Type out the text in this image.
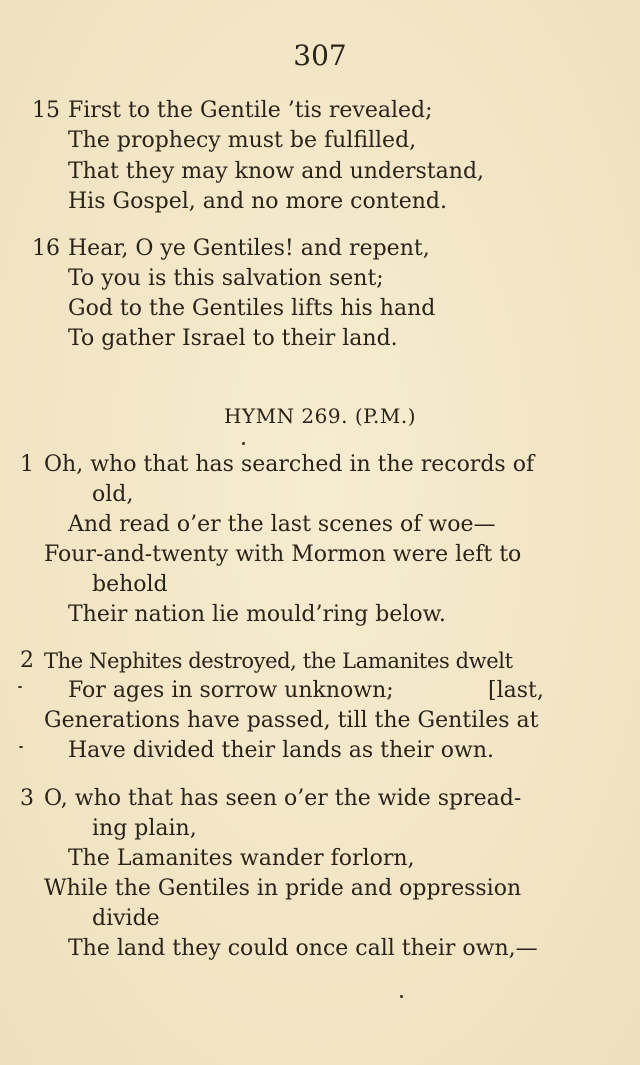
307
15 First to the Gentile ’tis revealed;
The prophecy must be fulfilled,
That they may know and understand,
His Gospel, and no more contend.
16 Hear, O ye Gentiles! and repent,
To you is this salvation sent;
God to the Gentiles lifts his hand
To gather Israel to their land.
HYMN 269. (P.M.)
1 Oh, who that has searched in the records of
old,
And read o’er the last scenes of woe—
Four-and-twenty with Mormon were left to
behold
Their nation lie mould’ring below.
2 The Nephites destroyed, the Lamanites dwelt
For ages in sorrow unknown;	[last,
Generations have passed, till the Gentiles at
Have divided their lands as their own.
3 O, who that has seen o’er the wide spread-
ing plain,
The Lamanites wander forlorn,
While the Gentiles in pride and oppression
divide
The land they could once call their own,—
